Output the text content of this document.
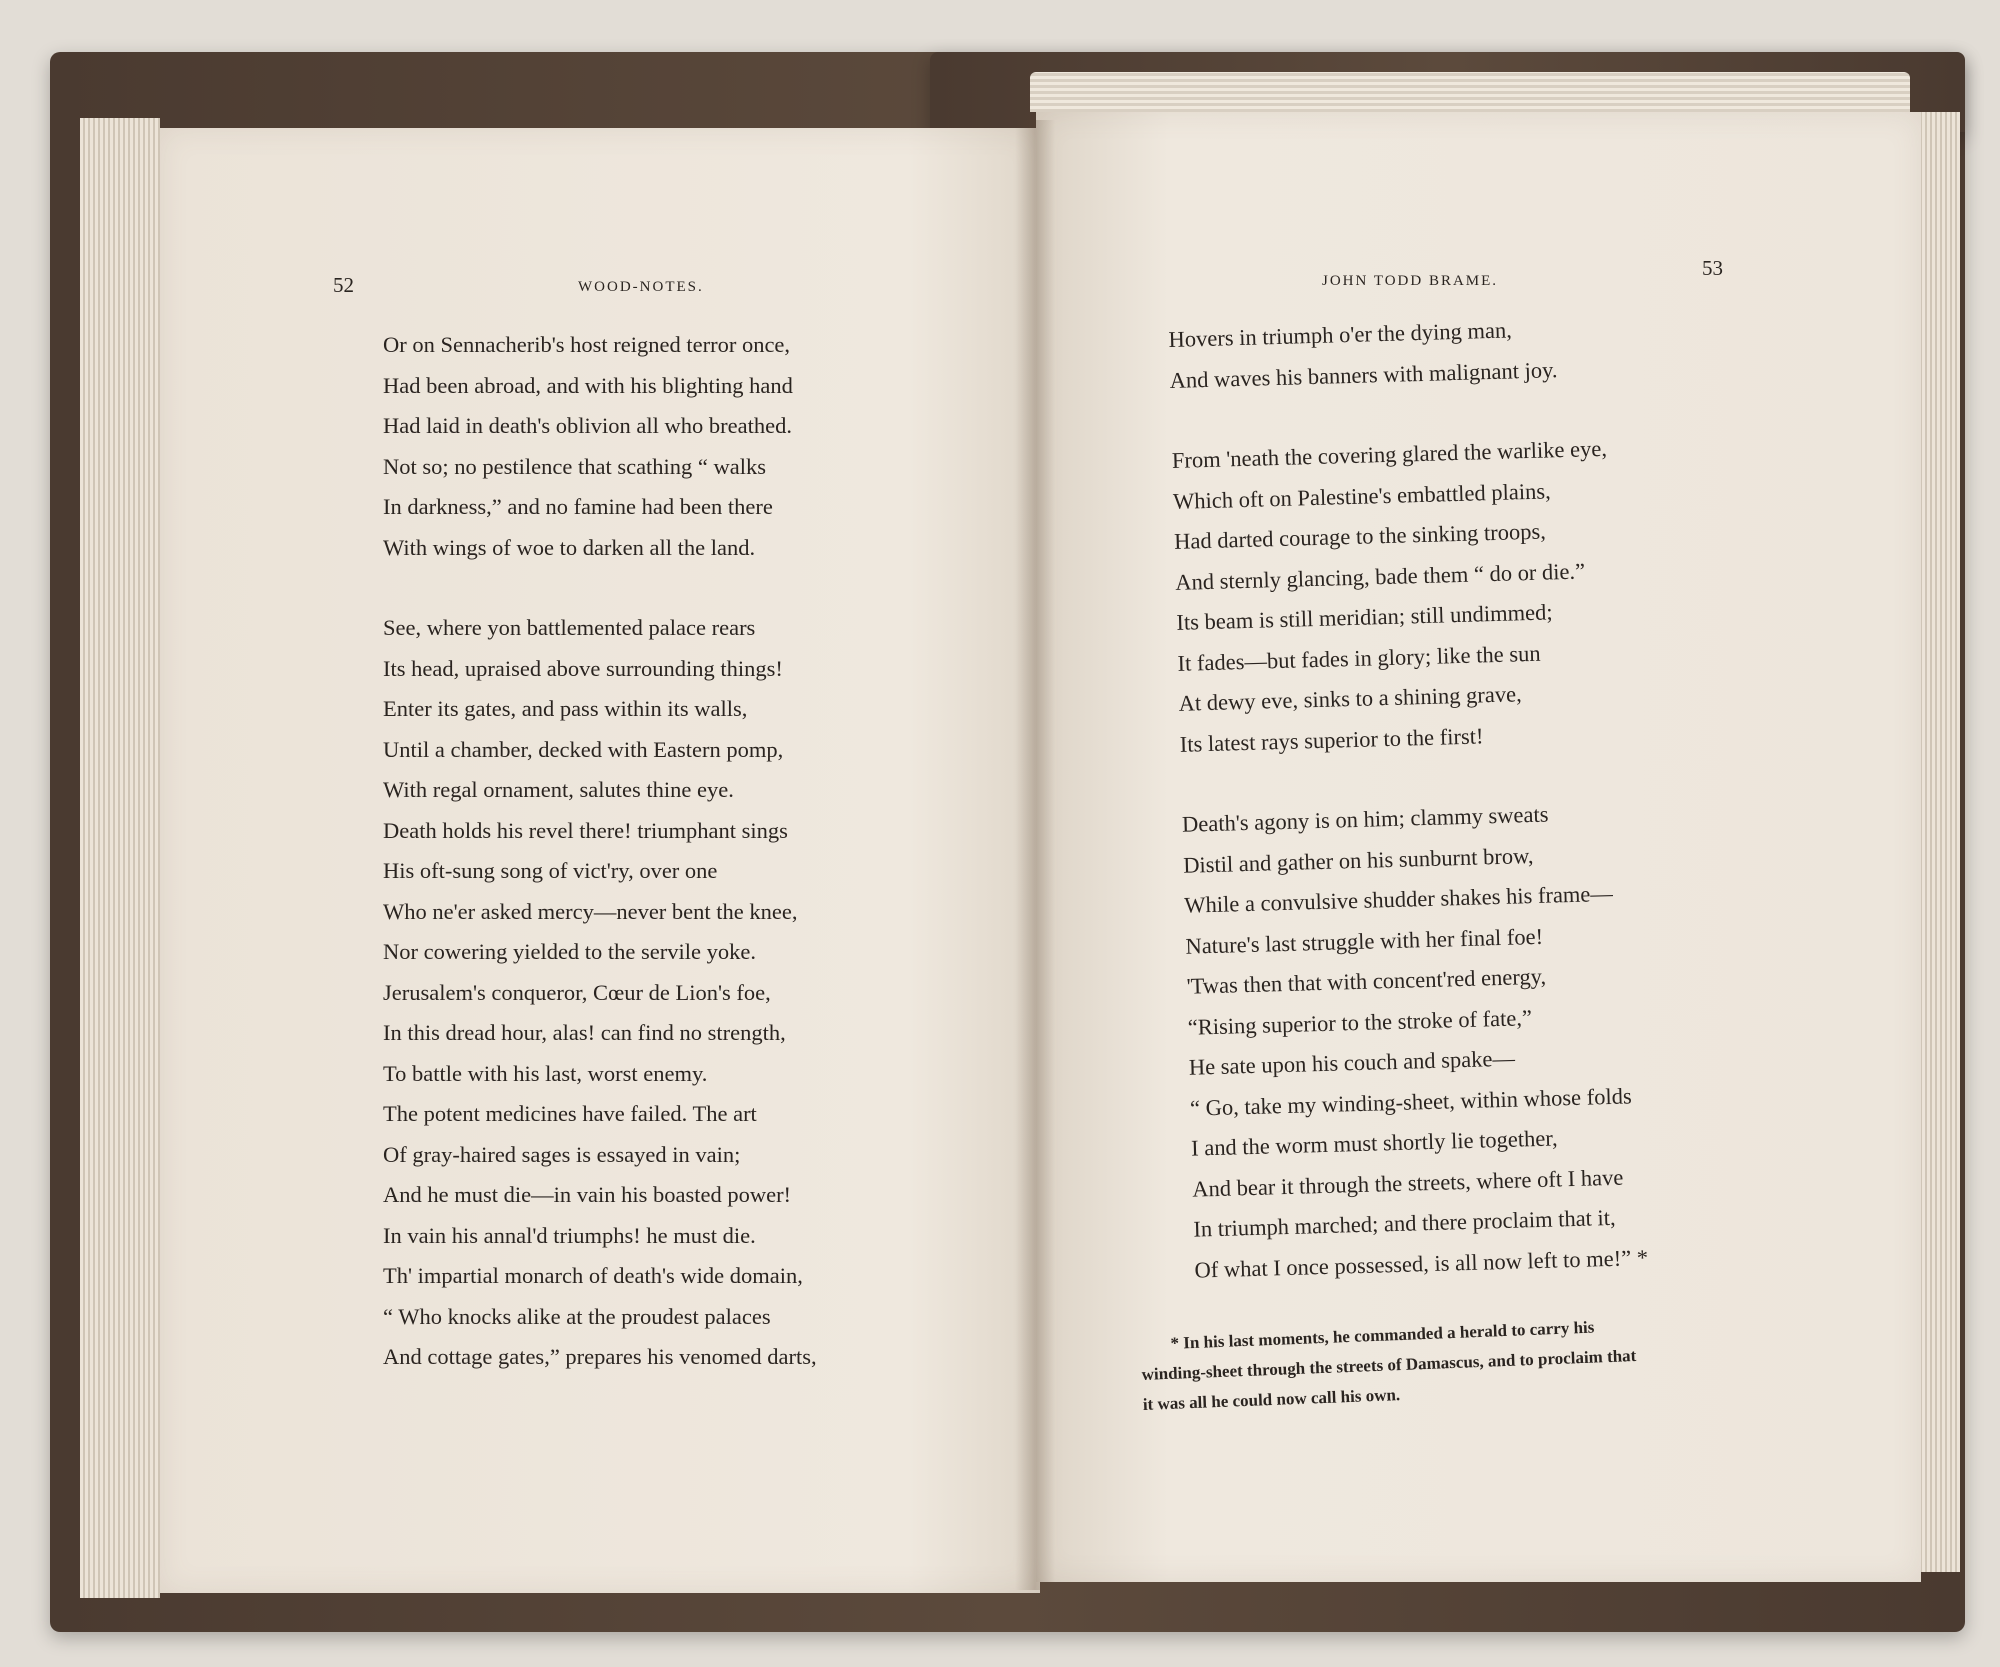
52	WOOD-NOTES.
Or on Sennacherib's host reigned terror once,
Had been abroad, and with his blighting hand
Had laid in death's oblivion all who breathed.
Not so; no pestilence that scathing “ walks
In darkness,” and no famine had been there
With wings of woe to darken all the land.
See, where yon battlemented palace rears
Its head, upraised above surrounding things!
Enter its gates, and pass within its walls,
Until a chamber, decked with Eastern pomp,
With regal ornament, salutes thine eye.
Death holds his revel there! triumphant sings
His oft-sung song of vict'ry, over one
Who ne'er asked mercy—never bent the knee,
Nor cowering yielded to the servile yoke.
Jerusalem's conqueror, Cœur de Lion's foe,
In this dread hour, alas! can find no strength,
To battle with his last, worst enemy.
The potent medicines have failed. The art
Of gray-haired sages is essayed in vain;
And he must die—in vain his boasted power!
In vain his annal'd triumphs! he must die.
Th' impartial monarch of death's wide domain,
“ Who knocks alike at the proudest palaces
And cottage gates,” prepares his venomed darts,
JOHN TODD BRAME.
53
Hovers in triumph o'er the dying man,
And waves his banners with malignant joy.
From 'neath the covering glared the warlike eye,
Which oft on Palestine's embattled plains,
Had darted courage to the sinking troops,
And sternly glancing, bade them “ do or die.”
Its beam is still meridian; still undimmed;
It fades—but fades in glory; like the sun
At dewy eve, sinks to a shining grave,
Its latest rays superior to the first!
Death's agony is on him; clammy sweats
Distil and gather on his sunburnt brow,
While a convulsive shudder shakes his frame—
Nature's last struggle with her final foe!
'Twas then that with concent'red energy,
“Rising superior to the stroke of fate,”
He sate upon his couch and spake—
“ Go, take my winding-sheet, within whose folds
I and the worm must shortly lie together,
And bear it through the streets, where oft I have
In triumph marched; and there proclaim that it,
Of what I once possessed, is all now left to me!” *
* In his last moments, he commanded a herald to carry his
winding-sheet through the streets of Damascus, and to proclaim that
it was all he could now call his own.
